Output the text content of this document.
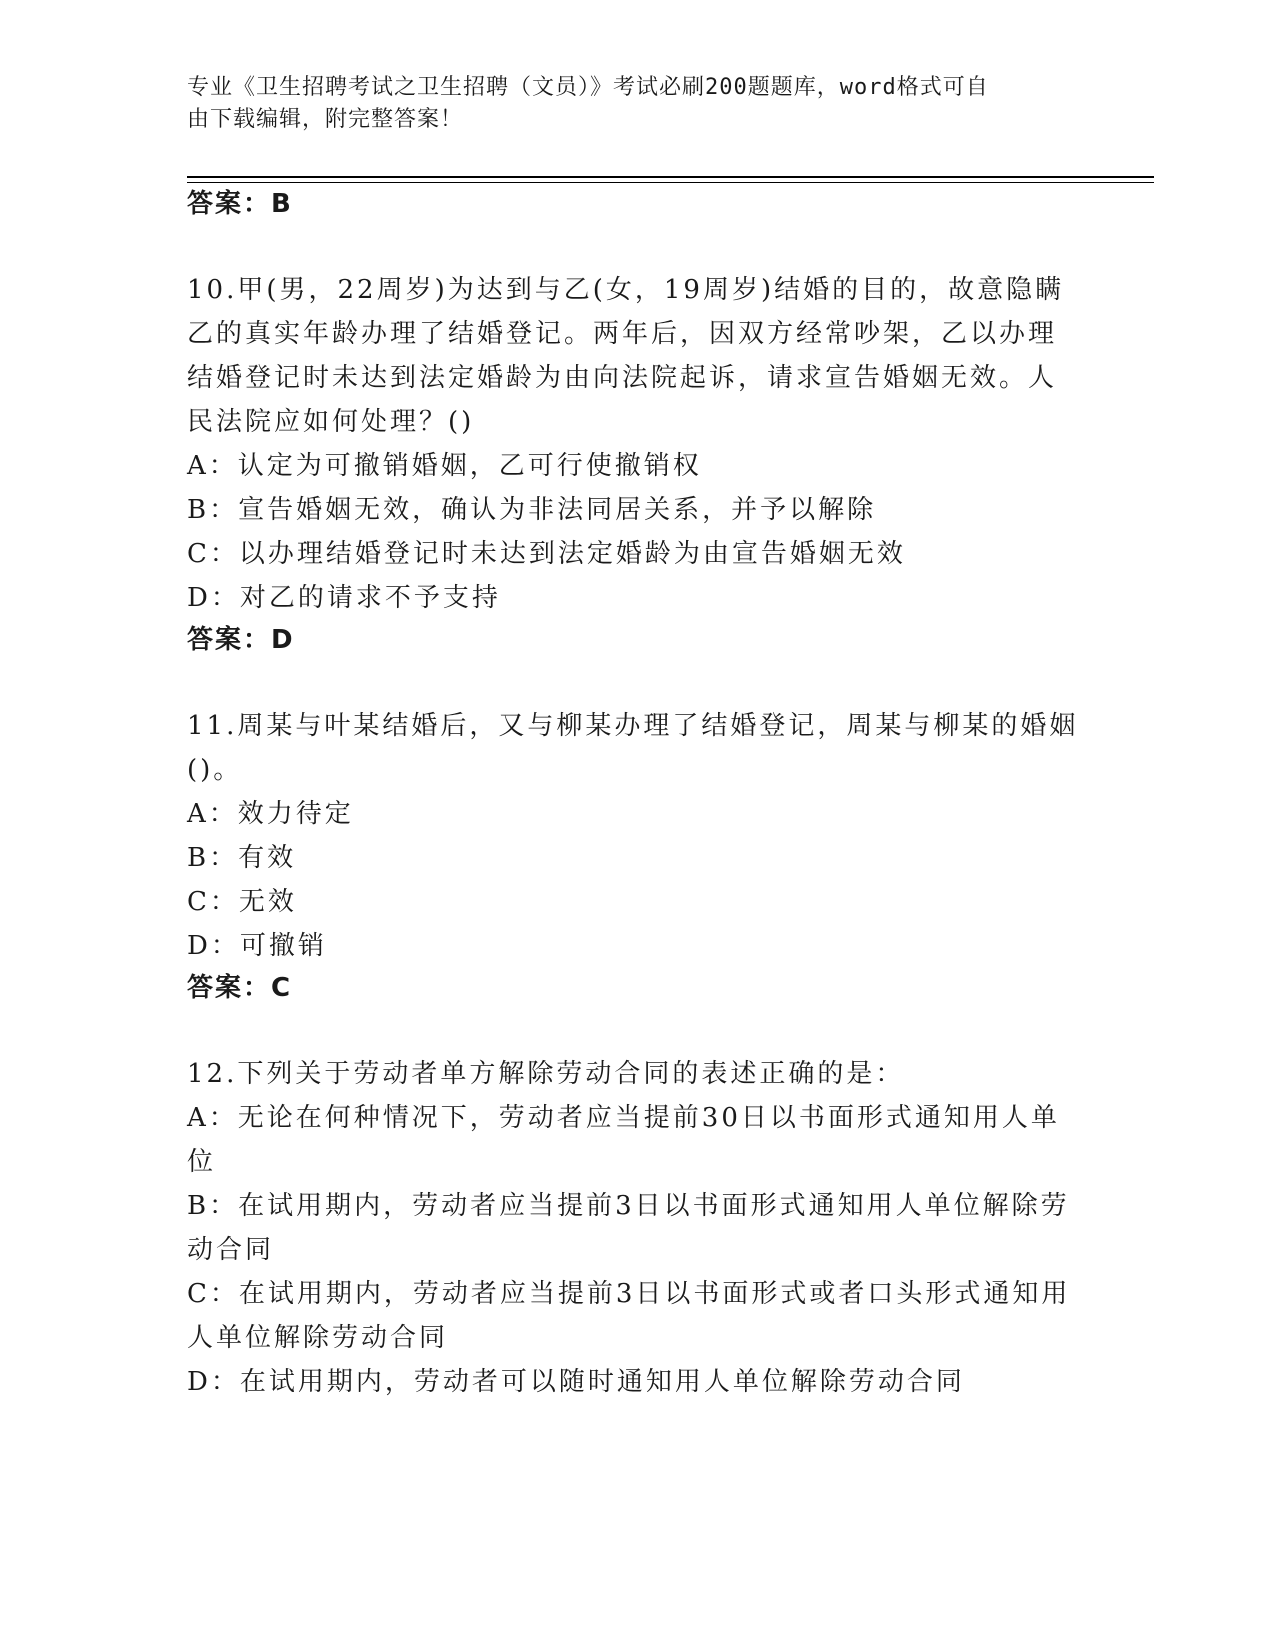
专业《卫生招聘考试之卫生招聘（文员）》考试必刷200题题库，word格式可自
由下载编辑，附完整答案！
答案：B
10.甲(男，22周岁)为达到与乙(女，19周岁)结婚的目的，故意隐瞒
乙的真实年龄办理了结婚登记。两年后，因双方经常吵架，乙以办理
结婚登记时未达到法定婚龄为由向法院起诉，请求宣告婚姻无效。人
民法院应如何处理？()
A：认定为可撤销婚姻，乙可行使撤销权
B：宣告婚姻无效，确认为非法同居关系，并予以解除
C：以办理结婚登记时未达到法定婚龄为由宣告婚姻无效
D：对乙的请求不予支持
答案：D
11.周某与叶某结婚后，又与柳某办理了结婚登记，周某与柳某的婚姻
()。
A：效力待定
B：有效
C：无效
D：可撤销
答案：C
12.下列关于劳动者单方解除劳动合同的表述正确的是：
A：无论在何种情况下，劳动者应当提前30日以书面形式通知用人单
位
B：在试用期内，劳动者应当提前3日以书面形式通知用人单位解除劳
动合同
C：在试用期内，劳动者应当提前3日以书面形式或者口头形式通知用
人单位解除劳动合同
D：在试用期内，劳动者可以随时通知用人单位解除劳动合同
